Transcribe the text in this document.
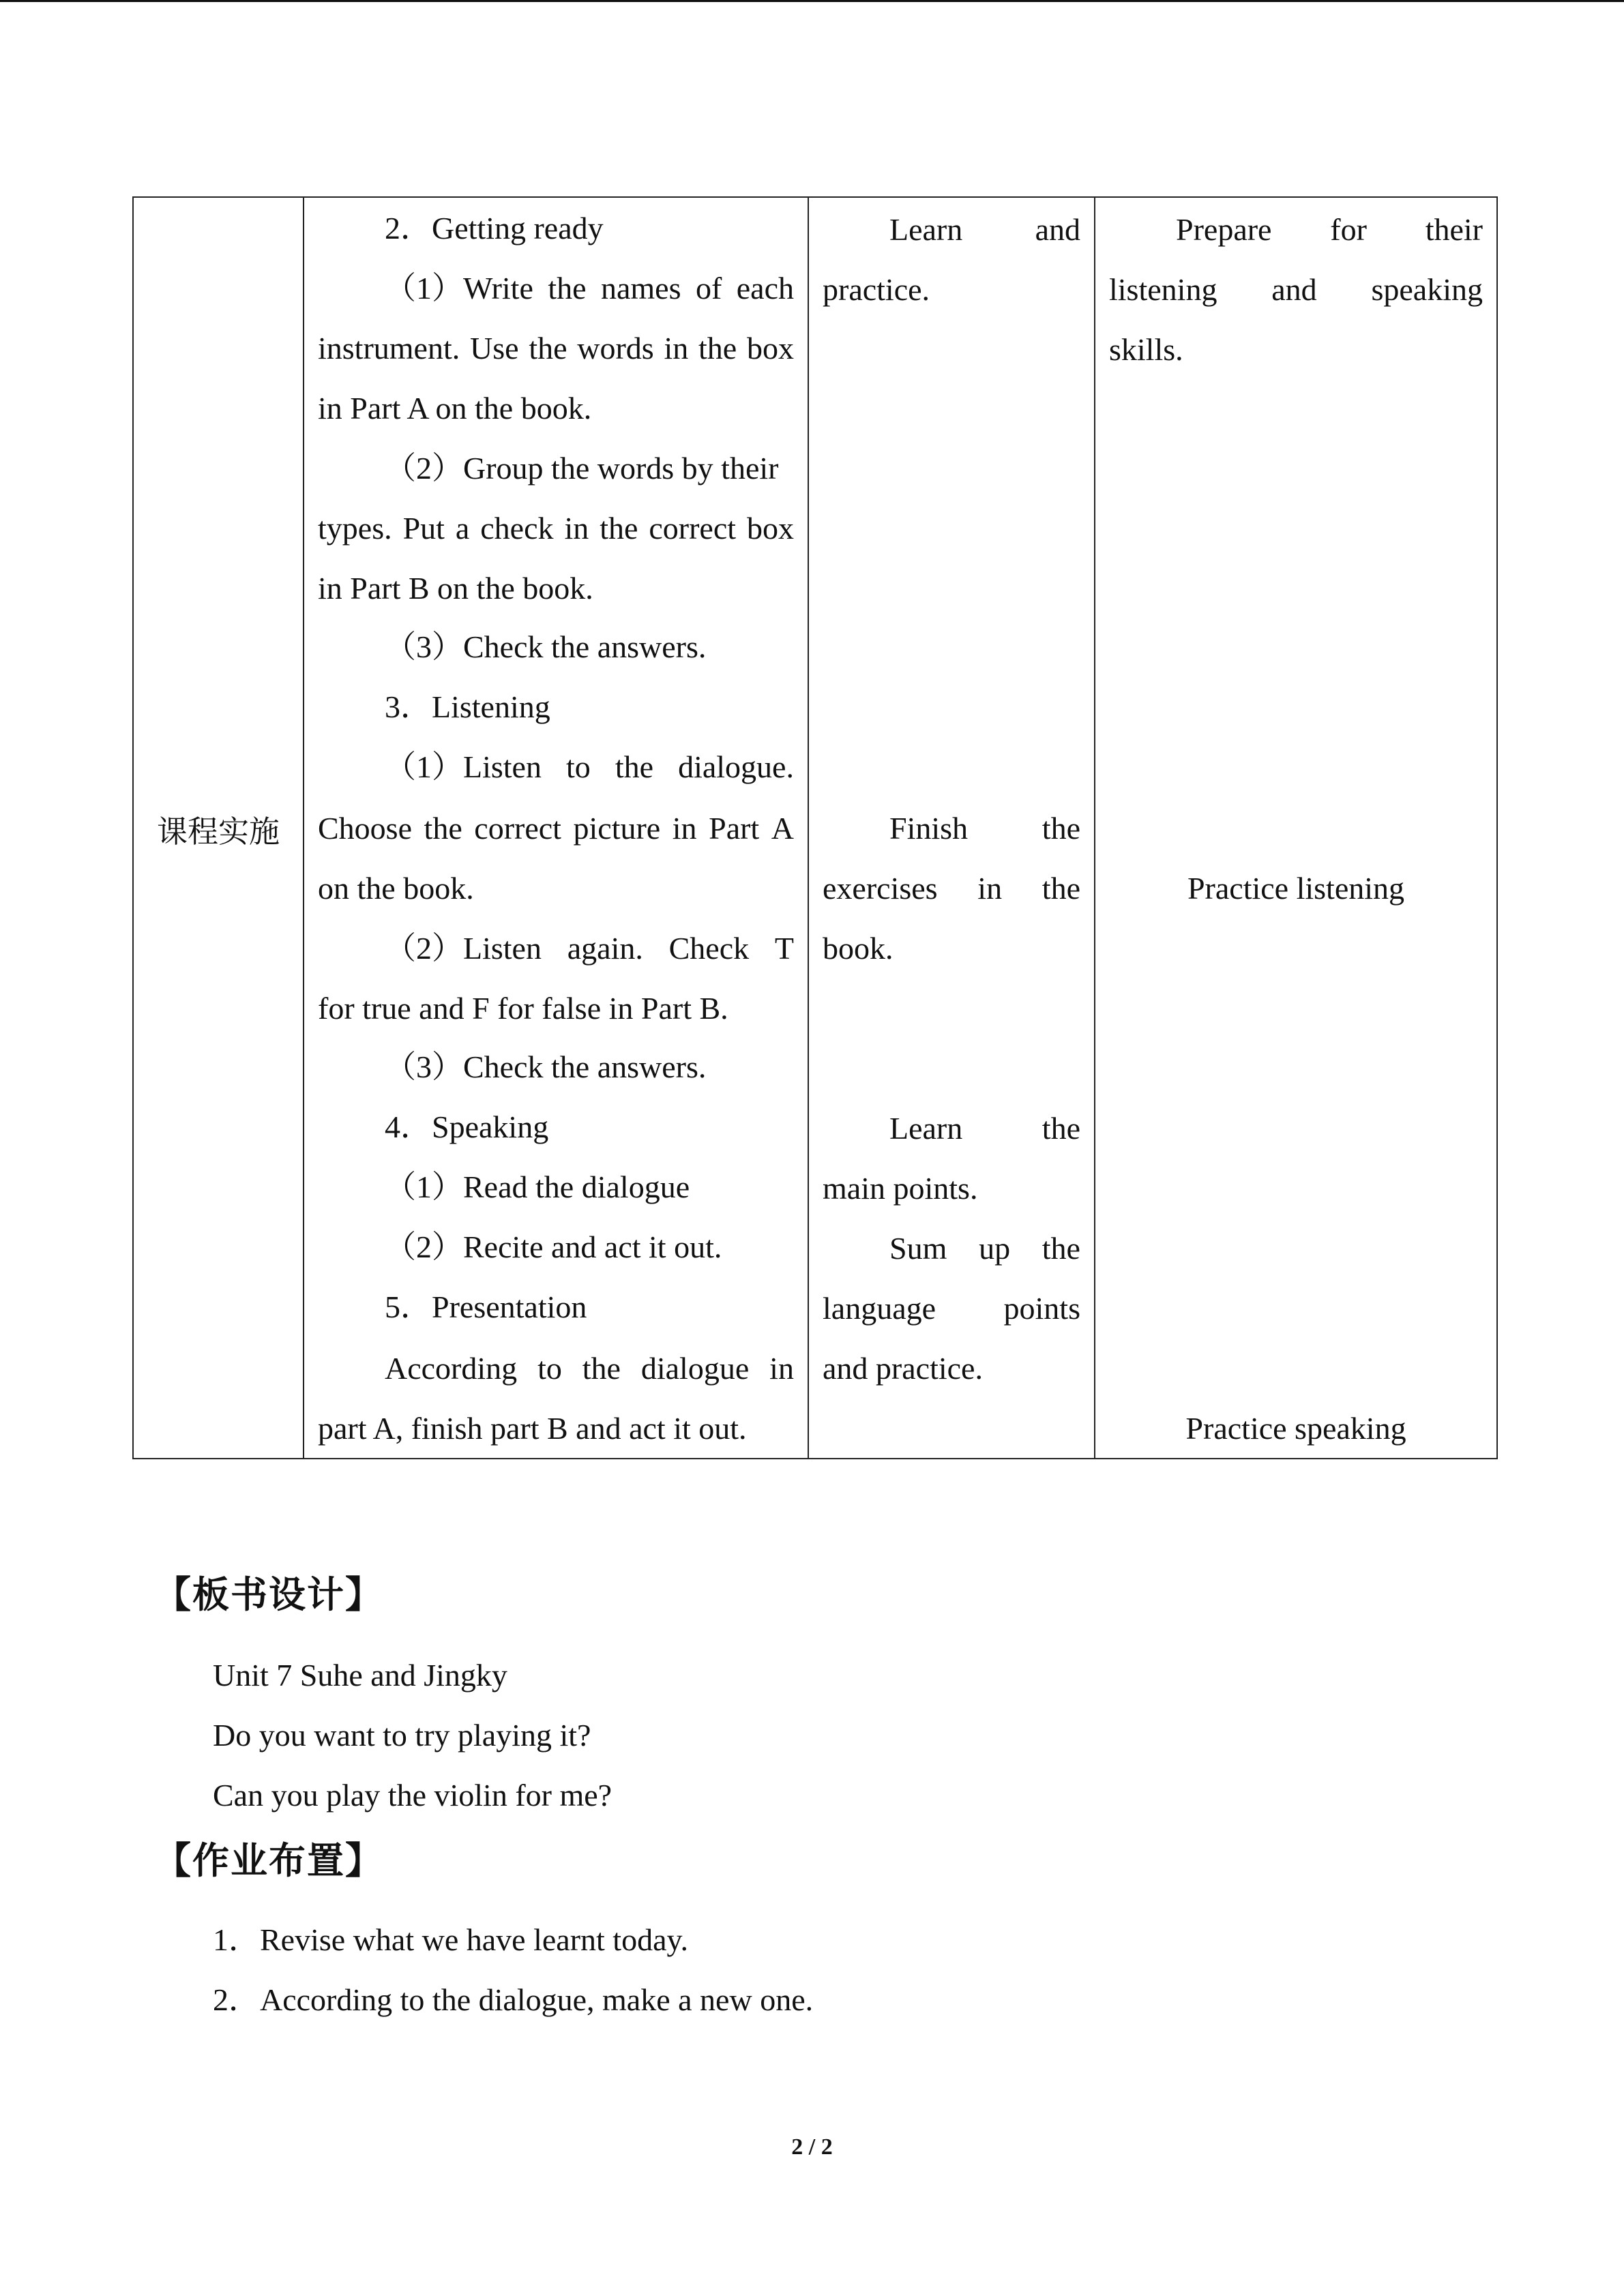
课程实施

2．Getting ready
（1）Write the names of each
instrument. Use the words in the box
in Part A on the book.
（2）Group the words by their
types. Put a check in the correct box
in Part B on the book.
（3）Check the answers.
3．Listening
（1）Listen to the dialogue.
Choose the correct picture in Part A
on the book.
（2）Listen again. Check T
for true and F for false in Part B.
（3）Check the answers.
4．Speaking
（1）Read the dialogue
（2）Recite and act it out.
5．Presentation
According to the dialogue in
part A, finish part B and act it out.

Learn and
practice.
Finish the
exercises in the
book.
Learn	the
main points.
Sum up the
language points
and practice.

Prepare for their
listening and speaking
skills.
Practice listening
Practice speaking
【板书设计】
Unit 7 Suhe and Jingky
Do you want to try playing it?
Can you play the violin for me?
【作业布置】
1．Revise what we have learnt today.
2．According to the dialogue, make a new one.
2 / 2
